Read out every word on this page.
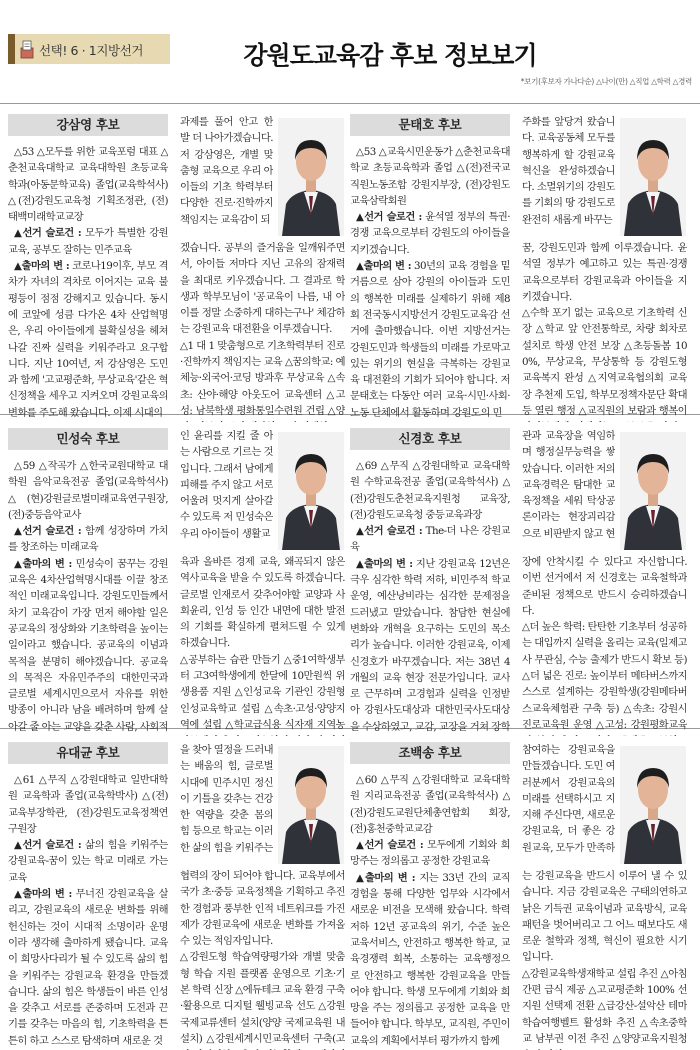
선택! 6 · 1지방선거	강원도교육감 후보 정보보기
*보기(후보자 가나다순) △나이(만) △직업 △학력 △경력
강삼영 후보

△53 △모두를 위한 교육포럼 대표 △춘천교육대학교 교육대학원 초등교육학과(아동문학교육) 졸업(교육학석사) △(전)강원도교육청 기획조정관, (전)태백미래학교교장

▲선거 슬로건 : 모두가 특별한 강원교육, 공부도 잘하는 민주교육

▲출마의 변 : 코로나19이후, 부모 격차가 자녀의 격차로 이어지는 교육 불평등이 점점 강해지고 있습니다. 동시에 코앞에 성큼 다가온 4차 산업혁명은, 우리 아이들에게 불확실성을 헤쳐나갈 진짜 실력을 키워주라고 요구합니다. 지난 10여년, 저 강삼영은 도민과 함께 '고교평준화, 무상교육'같은 혁신정책을 세우고 지켜오며 강원교육의 변화를 주도해 왔습니다. 이제 시대의

과제를 풀어 안고 한 발 더 나아가겠습니다. 저 강삼영은, 개별 맞춤형 교육으로 우리 아이들의 기초 학력부터 다양한 진로·진학까지 책임지는 교육감이 되

겠습니다. 공부의 즐거움을 일깨워주면서, 아이들 저마다 지닌 고유의 잠재력을 최대로 키우겠습니다. 그 결과로 학생과 학부모님이 '공교육이 나름, 내 아이를 정말 소중하게 대하는구나' 체감하는 강원교육 대전환을 이루겠습니다.

△1 대 1 맞춤형으로 기초학력부터 진로·진학까지 책임지는 교육 △꿈의학교: 예체능·외국어·코딩 방과후 무상교육 △속초: 산야·해양 아웃도어 교육센터 △고성: 남북학생 평화통일수련원 건립 △양

문태호 후보

△53 △교육시민운동가 △춘천교육대학교 초등교육학과 졸업 △(전)전국교직원노동조합 강원지부장, (전)강원도교육삼락회원

▲선거 슬로건 : 윤석열 정부의 특권·경쟁 교육으로부터 강원도의 아이들을 지키겠습니다.

▲출마의 변 : 30년의 교육 경험을 밑거름으로 삼아 강원의 아이들과 도민의 행복한 미래를 실제하기 위해 제8회 전국동시지방선거 강원도교육감 선거에 출마했습니다. 이번 지방선거는 강원도민과 학생들의 미래를 가로막고 있는 위기의 현실을 극복하는 강원교육 대전환의 기회가 되어야 합니다. 저 문태호는 다동안 여러 교육·시민·사회·노동 단체에서 활동하며 강원도의 민

주화를 앞당겨 왔습니다. 교육공동체 모두를 행복하게 할 강원교육 혁신을 완성하겠습니다. 소멸위기의 강원도를 기회의 땅 강원도로 완전히 새롭게 바꾸는

꿈, 강원도민과 함께 이루겠습니다. 윤석열 정부가 예고하고 있는 특권·경쟁 교육으로부터 강원교육과 아이들을 지키겠습니다.

△수학 포기 없는 교육으로 기초학력 신장 △학교 앞 안전통학로, 차량 회차로 설치로 학생 안전 보장 △초등돌봄 100%, 무상교육, 무상통학 등 강원도형 교육복지 완성 △지역교육협의회 교육장 추천제 도입, 학부모정책자문단 확대 등 열린 행정 △교직원의 보람과 행복이

민성숙 후보

△59 △작곡가 △한국교원대학교 대학원 음악교육전공 졸업(교육학석사) △(현)강원글로벌미래교육연구원장, (전)중등음악교사

▲선거 슬로건 : 함께 성장하며 가치를 창조하는 미래교육

▲출마의 변 : 민성숙이 꿈꾸는 강원교육은 4차산업혁명시대를 이끌 창조적인 미래교육입니다. 강원도민들께서 차기 교육감이 가장 먼저 해야할 일은 공교육의 정상화와 기초학력을 높이는 일이라고 했습니다. 공교육의 이념과 목적을 분명히 해야겠습니다. 공교육의 목적은 자유민주주의 대한민국과 글로벌 세계시민으로서 자유를 위한 방종이 아니라 남을 배려하며 함께 살아갈 줄 아는 교양을 갖춘 사람, 사회적

인 윤리를 지킬 줄 아는 사람으로 기르는 것입니다. 그래서 남에게 피해를 주지 않고 서로 어울려 멋지게 살아갈 수 있도록 저 민성숙은 우리 아이들이 생활교

육과 올바른 경제 교육, 왜곡되지 않은 역사교육을 받을 수 있도록 하겠습니다. 글로벌 인재로서 갖추어야할 교양과 사회윤리, 인성 등 인간 내면에 대한 발전의 기회를 확실하게 펼쳐드릴 수 있게 하겠습니다.

△공부하는 습관 만들기 △중1여학생부터 고3여학생에게 한달에 10만원씩 위생용품 지원 △인성교육 기관인 강원형인성교육학교 설립 △속초·고성·양양지역에 설립 △학교급식용 식자재 지역농

신경호 후보

△69 △무직 △강원대학교 교육대학원 수학교육전공 졸업(교육학석사) △(전)강원도춘천교육지원청 교육장, (전)강원도교육청 중등교육과장

▲선거 슬로건 : The-더 나은 강원교육

▲출마의 변 : 지난 강원교육 12년은 극우 심각한 학력 저하, 비민주적 학교 운영, 예산낭비라는 심각한 문제점을 드러냈고 말았습니다. 참담한 현실에 변화와 개혁을 요구하는 도민의 목소리가 높습니다. 이러한 강원교육, 이제 신경호가 바꾸겠습니다. 저는 38년 4개월의 교육 현장 전문가입니다. 교사로 근무하며 고경험과 실력을 인정받아 강원사도대상과 대한민국사도대상을 수상하였고, 교감, 교장을 거쳐 장학

관과 교육장을 역임하며 행정실무능력을 쌓았습니다. 이러한 저의 교육경력은 탐대한 교육정책을 세워 탁상공론이라는 현장괴리감으로 비판받지 않고 현

장에 안착시킬 수 있다고 자신합니다. 이번 선거에서 저 신경호는 교육철학과 준비된 정책으로 반드시 승리하겠습니다.

△더 높은 학력: 탄탄한 기초부터 성공하는 대입까지 실력을 올리는 교육(일제고사 무관심, 수능 출제가 반드시 확보 등) △더 넓은 진로: 높이부터 메타버스까지 스스로 설계하는 강원학생(강원메타버스교육체험관 구축 등) △속초: 강원시진로교육원 운영 △고성: 강원평화교육

유대균 후보

△61 △무직 △강원대학교 일반대학원 교육학과 졸업(교육학박사) △(전)교육부장학관, (전)강원도교육정책연구원장

▲선거 슬로건 : 삶의 힘을 키워주는 강원교육-꿈이 있는 학교 미래로 가는 교육

▲출마의 변 : 무너진 강원교육을 살리고, 강원교육의 새로운 변화를 위해 헌신하는 것이 시대적 소명이라 운명이라 생각해 출마하게 됐습니다. 교육이 희망사다리가 될 수 있도록 삶의 힘을 키워주는 강원교육 환경을 만들겠습니다. 삶의 힘은 학생들이 바른 인성을 갖추고 서로를 존중하며 도전과 끈기를 갖추는 마음의 힘, 기초학력을 튼튼히 하고 스스로 탐색하며 새로운 것

을 찾아 열정을 드러내는 배움의 힘, 글로벌 시대에 민주시민 정신이 기틀을 갖추는 건강한 역량을 갖춘 몸의 힘 등으로 학교는 이러한 삶의 힘을 키워주는

협력의 장이 되어야 합니다. 교육부에서 국가 초·중등 교육정책을 기획하고 추진한 경험과 풍부한 인적 네트워크를 가진 제가 강원교육에 새로운 변화를 가져올 수 있는 적임자입니다.

△강원도형 학습역량평가와 개별 맞춤형 학습 지원 플랫폼 운영으로 기초·기본 학력 신장 △에듀테크 교육 환경 구축·활용으로 디지털 웰빙교육 선도 △강원국제교류센터 설치(양양 국제교육원 내 설치) △강원세계시민교육센터 구축(고

조백송 후보

△60 △무직 △강원대학교 교육대학원 지리교육전공 졸업(교육학석사) △(전)강원도교원단체총연합회 회장, (전)홍천중학교교감

▲선거 슬로건 : 모두에게 기회와 희망주는 정의롭고 공정한 강원교육

▲출마의 변 : 지는 33년 간의 교직 경험을 통해 다양한 업무와 시각에서 새로운 비전을 모색해 왔습니다. 학력저하 12년 공교육의 위기, 수준 높은 교육서비스, 안전하고 행복한 학교, 교육경쟁력 회복, 소통하는 교육행정으로 안전하고 행복한 강원교육을 만들어야 합니다. 학생 모두에게 기회와 희망을 주는 정의롭고 공정한 교육을 만들어야 합니다. 학부모, 교직원, 주민이 교육의 계획에서부터 평가까지 함께

참여하는 강원교육을 만들겠습니다. 도민 여러분께서 강원교육의 미래를 선택하시고 지지해 주신다면, 새로운 강원교육, 더 좋은 강원교육, 모두가 만족하

는 강원교육을 반드시 이루어 낼 수 있습니다. 지금 강원교육은 구태의연하고 낡은 기득권 교육이념과 교육방식, 교육패턴을 벗어버리고 그 어느 때보다도 새로운 철학과 정책, 혁신이 필요한 시기입니다.

△강원교육학생재학교 설립 추진 △아침 간편 급식 제공 △고교평준화 100% 선지원 선택제 전환 △급강산-설악산 테마학습여행벨트 활성화 추진 △속초중학교 남부권 이전 추진 △양양교육지원청
